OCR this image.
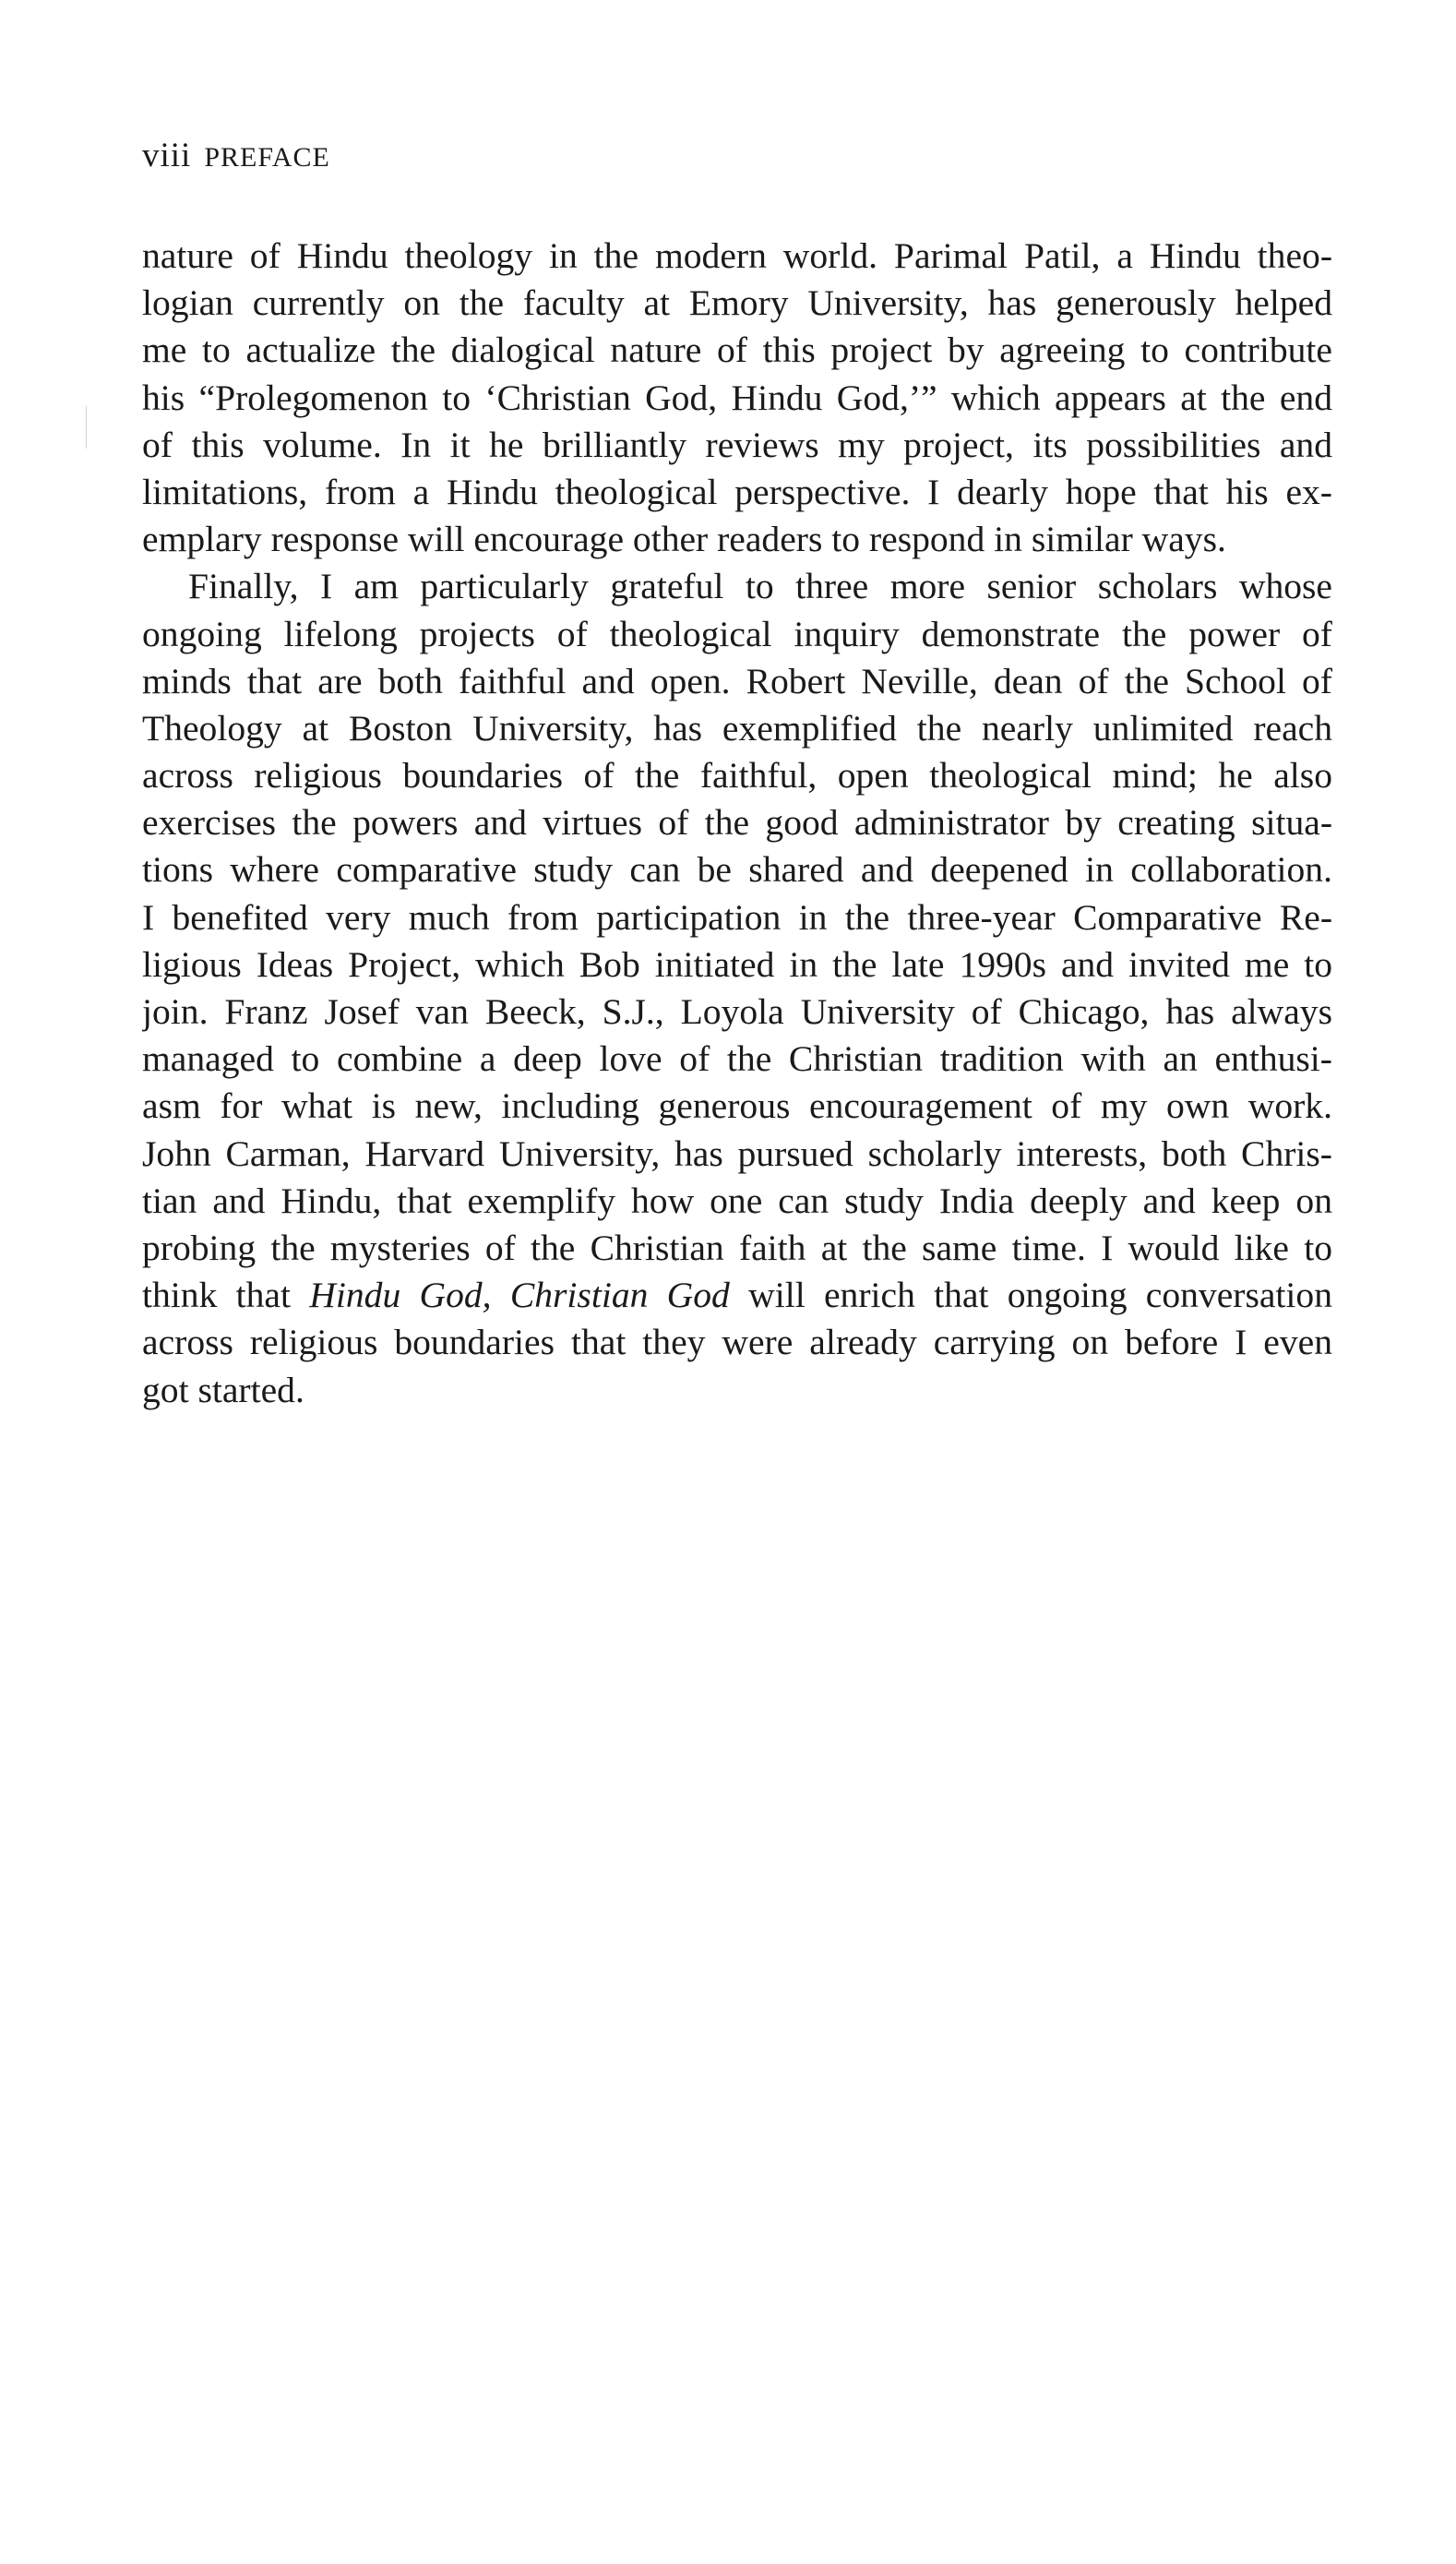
viii PREFACE
nature of Hindu theology in the modern world. Parimal Patil, a Hindu theo-
logian currently on the faculty at Emory University, has generously helped
me to actualize the dialogical nature of this project by agreeing to contribute
his “Prolegomenon to ‘Christian God, Hindu God,’” which appears at the end
of this volume. In it he brilliantly reviews my project, its possibilities and
limitations, from a Hindu theological perspective. I dearly hope that his ex-
emplary response will encourage other readers to respond in similar ways.
Finally, I am particularly grateful to three more senior scholars whose
ongoing lifelong projects of theological inquiry demonstrate the power of
minds that are both faithful and open. Robert Neville, dean of the School of
Theology at Boston University, has exemplified the nearly unlimited reach
across religious boundaries of the faithful, open theological mind; he also
exercises the powers and virtues of the good administrator by creating situa-
tions where comparative study can be shared and deepened in collaboration.
I benefited very much from participation in the three-year Comparative Re-
ligious Ideas Project, which Bob initiated in the late 1990s and invited me to
join. Franz Josef van Beeck, S.J., Loyola University of Chicago, has always
managed to combine a deep love of the Christian tradition with an enthusi-
asm for what is new, including generous encouragement of my own work.
John Carman, Harvard University, has pursued scholarly interests, both Chris-
tian and Hindu, that exemplify how one can study India deeply and keep on
probing the mysteries of the Christian faith at the same time. I would like to
think that Hindu God, Christian God will enrich that ongoing conversation
across religious boundaries that they were already carrying on before I even
got started.
